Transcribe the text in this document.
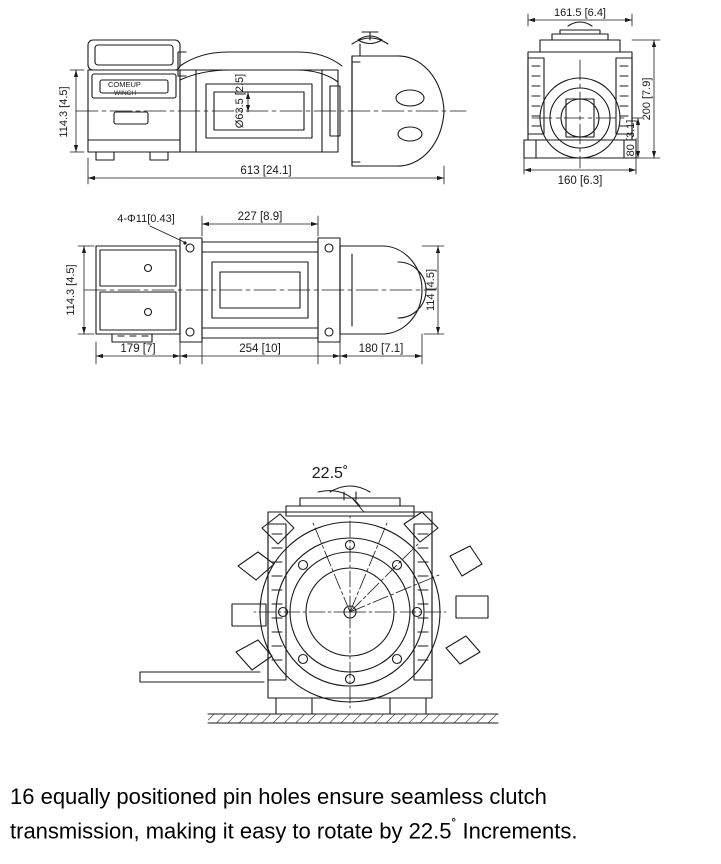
COMEUP
WINCH
114.3 [4.5]	Ø63.5 [2.5]
613 [24.1]
161.5 [6.4]
200 [7.9]
80 [3.1]
160 [6.3]
4-Φ11[0.43]	227 [8.9]
114.3 [4.5]	114 [4.5]
179 [7]	254 [10]	180 [7.1]
22.5˚
16 equally positioned pin holes ensure seamless clutch
transmission, making it easy to rotate by 22.5˚ Increments.
